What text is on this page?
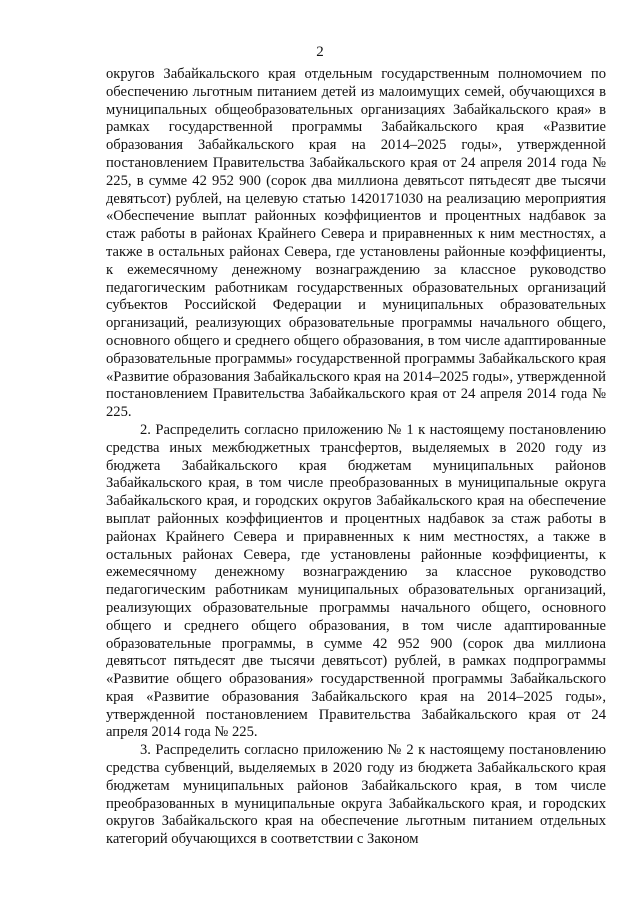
2

округов Забайкальского края отдельным государственным полномочием по обеспечению льготным питанием детей из малоимущих семей, обучающихся в муниципальных общеобразовательных организациях Забайкальского края» в рамках государственной программы Забайкальского края «Развитие образования Забайкальского края на 2014–2025 годы», утвержденной постановлением Правительства Забайкальского края от 24 апреля 2014 года № 225, в сумме 42 952 900 (сорок два миллиона девятьсот пятьдесят две тысячи девятьсот) рублей, на целевую статью 1420171030 на реализацию мероприятия «Обеспечение выплат районных коэффициентов и процентных надбавок за стаж работы в районах Крайнего Севера и приравненных к ним местностях, а также в остальных районах Севера, где установлены районные коэффициенты, к ежемесячному денежному вознаграждению за классное руководство педагогическим работникам государственных образовательных организаций субъектов Российской Федерации и муниципальных образовательных организаций, реализующих образовательные программы начального общего, основного общего и среднего общего образования, в том числе адаптированные образовательные программы» государственной программы Забайкальского края «Развитие образования Забайкальского края на 2014–2025 годы», утвержденной постановлением Правительства Забайкальского края от 24 апреля 2014 года № 225.

2. Распределить согласно приложению № 1 к настоящему постановлению средства иных межбюджетных трансфертов, выделяемых в 2020 году из бюджета Забайкальского края бюджетам муниципальных районов Забайкальского края, в том числе преобразованных в муниципальные округа Забайкальского края, и городских округов Забайкальского края на обеспечение выплат районных коэффициентов и процентных надбавок за стаж работы в районах Крайнего Севера и приравненных к ним местностях, а также в остальных районах Севера, где установлены районные коэффициенты, к ежемесячному денежному вознаграждению за классное руководство педагогическим работникам муниципальных образовательных организаций, реализующих образовательные программы начального общего, основного общего и среднего общего образования, в том числе адаптированные образовательные программы, в сумме 42 952 900 (сорок два миллиона девятьсот пятьдесят две тысячи девятьсот) рублей, в рамках подпрограммы «Развитие общего образования» государственной программы Забайкальского края «Развитие образования Забайкальского края на 2014–2025 годы», утвержденной постановлением Правительства Забайкальского края от 24 апреля 2014 года № 225.

3. Распределить согласно приложению № 2 к настоящему постановлению средства субвенций, выделяемых в 2020 году из бюджета Забайкальского края бюджетам муниципальных районов Забайкальского края, в том числе преобразованных в муниципальные округа Забайкальского края, и городских округов Забайкальского края на обеспечение льготным питанием отдельных категорий обучающихся в соответствии с Законом
